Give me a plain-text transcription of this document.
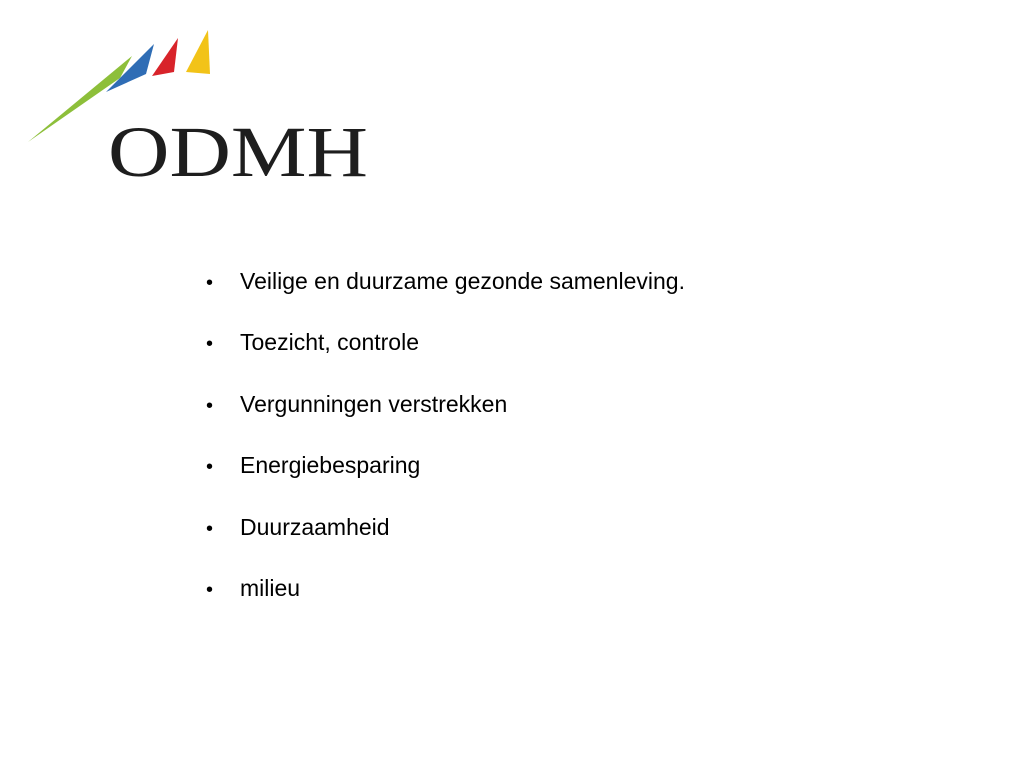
ODMH
•	Veilige en duurzame gezonde samenleving.
•	Toezicht, controle
•	Vergunningen verstrekken
•	Energiebesparing
•	Duurzaamheid
•	milieu
